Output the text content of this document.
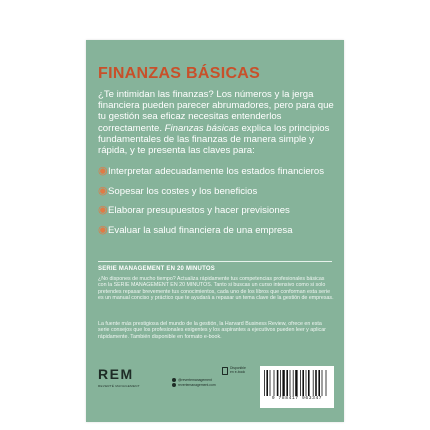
FINANZAS BÁSICAS

¿Te intimidan las finanzas? Los números y la jerga financiera pueden parecer abrumadores, pero para que tu gestión sea eficaz necesitas entenderlos correctamente. Finanzas básicas explica los principios fundamentales de las finanzas de manera simple y rápida, y te presenta las claves para:

◉ Interpretar adecuadamente los estados financieros
◉ Sopesar los costes y los beneficios
◉ Elaborar presupuestos y hacer previsiones
◉ Evaluar la salud financiera de una empresa
SERIE MANAGEMENT EN 20 MINUTOS

¿No dispones de mucho tiempo? Actualiza rápidamente tus competencias profesionales básicas con la SERIE MANAGEMENT EN 20 MINUTOS. Tanto si buscas un curso intensivo como si solo pretendes repasar brevemente tus conocimientos, cada uno de los libros que conforman esta serie es un manual conciso y práctico que te ayudará a repasar un tema clave de la gestión de empresas.

La fuente más prestigiosa del mundo de la gestión, la Harvard Business Review, ofrece en esta serie consejos que los profesionales exigentes y los aspirantes a ejecutivos pueden leer y aplicar rápidamente. También disponible en formato e-book.

REM
REVERTÉ MANAGEMENT
@revertemanagement
revertemanagement.com
Disponible en e-book
9 788417 963347
